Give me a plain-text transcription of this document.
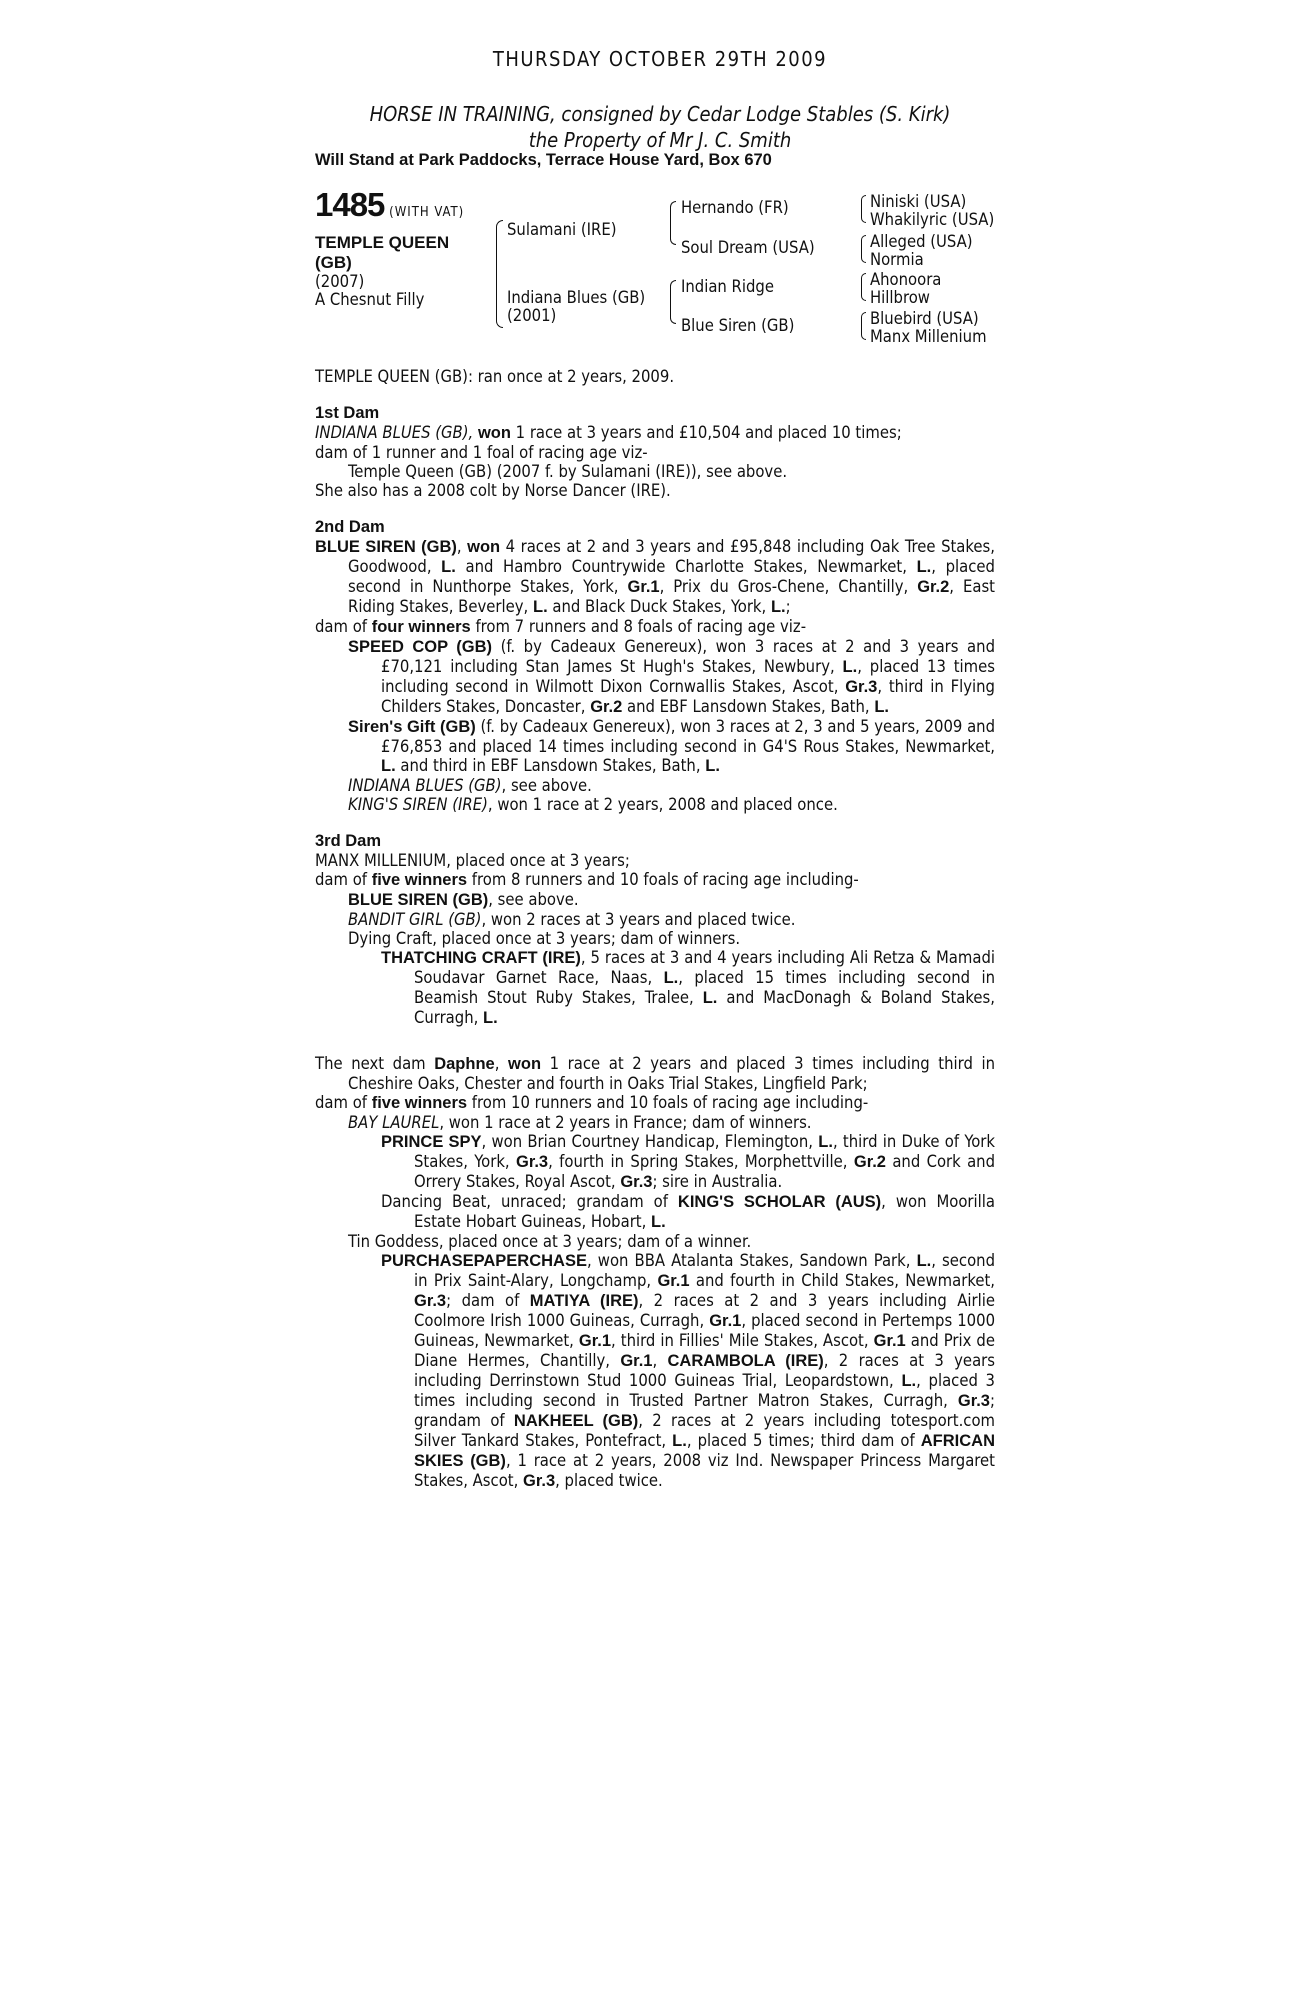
THURSDAY OCTOBER 29TH 2009
HORSE IN TRAINING, consigned by Cedar Lodge Stables (S. Kirk)
the Property of Mr J. C. Smith
Will Stand at Park Paddocks, Terrace House Yard, Box 670
1485 (WITH VAT)
TEMPLE QUEEN
(GB)
(2007)
A Chesnut Filly
Sulamani (IRE)
Indiana Blues (GB)
(2001)
Hernando (FR)
Soul Dream (USA)
Indian Ridge
Blue Siren (GB)
Niniski (USA)
Whakilyric (USA)
Alleged (USA)
Normia
Ahonoora
Hillbrow
Bluebird (USA)
Manx Millenium

TEMPLE QUEEN (GB): ran once at 2 years, 2009.

1st Dam

INDIANA BLUES (GB), won 1 race at 3 years and £10,504 and placed 10 times;

dam of 1 runner and 1 foal of racing age viz-

Temple Queen (GB) (2007 f. by Sulamani (IRE)), see above.

She also has a 2008 colt by Norse Dancer (IRE).

2nd Dam

BLUE SIREN (GB), won 4 races at 2 and 3 years and £95,848 including Oak Tree Stakes, Goodwood, L. and Hambro Countrywide Charlotte Stakes, Newmarket, L., placed second in Nunthorpe Stakes, York, Gr.1, Prix du Gros-Chene, Chantilly, Gr.2, East Riding Stakes, Beverley, L. and Black Duck Stakes, York, L.;

dam of four winners from 7 runners and 8 foals of racing age viz-

SPEED COP (GB) (f. by Cadeaux Genereux), won 3 races at 2 and 3 years and £70,121 including Stan James St Hugh's Stakes, Newbury, L., placed 13 times including second in Wilmott Dixon Cornwallis Stakes, Ascot, Gr.3, third in Flying Childers Stakes, Doncaster, Gr.2 and EBF Lansdown Stakes, Bath, L.

Siren's Gift (GB) (f. by Cadeaux Genereux), won 3 races at 2, 3 and 5 years, 2009 and £76,853 and placed 14 times including second in G4'S Rous Stakes, Newmarket, L. and third in EBF Lansdown Stakes, Bath, L.

INDIANA BLUES (GB), see above.

KING'S SIREN (IRE), won 1 race at 2 years, 2008 and placed once.

3rd Dam

MANX MILLENIUM, placed once at 3 years;

dam of five winners from 8 runners and 10 foals of racing age including-

BLUE SIREN (GB), see above.

BANDIT GIRL (GB), won 2 races at 3 years and placed twice.

Dying Craft, placed once at 3 years; dam of winners.

THATCHING CRAFT (IRE), 5 races at 3 and 4 years including Ali Retza & Mamadi Soudavar Garnet Race, Naas, L., placed 15 times including second in Beamish Stout Ruby Stakes, Tralee, L. and MacDonagh & Boland Stakes, Curragh, L.

The next dam Daphne, won 1 race at 2 years and placed 3 times including third in Cheshire Oaks, Chester and fourth in Oaks Trial Stakes, Lingfield Park;

dam of five winners from 10 runners and 10 foals of racing age including-

BAY LAUREL, won 1 race at 2 years in France; dam of winners.

PRINCE SPY, won Brian Courtney Handicap, Flemington, L., third in Duke of York Stakes, York, Gr.3, fourth in Spring Stakes, Morphettville, Gr.2 and Cork and Orrery Stakes, Royal Ascot, Gr.3; sire in Australia.

Dancing Beat, unraced; grandam of KING'S SCHOLAR (AUS), won Moorilla Estate Hobart Guineas, Hobart, L.

Tin Goddess, placed once at 3 years; dam of a winner.

PURCHASEPAPERCHASE, won BBA Atalanta Stakes, Sandown Park, L., second in Prix Saint-Alary, Longchamp, Gr.1 and fourth in Child Stakes, Newmarket, Gr.3; dam of MATIYA (IRE), 2 races at 2 and 3 years including Airlie Coolmore Irish 1000 Guineas, Curragh, Gr.1, placed second in Pertemps 1000 Guineas, Newmarket, Gr.1, third in Fillies' Mile Stakes, Ascot, Gr.1 and Prix de Diane Hermes, Chantilly, Gr.1, CARAMBOLA (IRE), 2 races at 3 years including Derrinstown Stud 1000 Guineas Trial, Leopardstown, L., placed 3 times including second in Trusted Partner Matron Stakes, Curragh, Gr.3; grandam of NAKHEEL (GB), 2 races at 2 years including totesport.com Silver Tankard Stakes, Pontefract, L., placed 5 times; third dam of AFRICAN SKIES (GB), 1 race at 2 years, 2008 viz Ind. Newspaper Princess Margaret Stakes, Ascot, Gr.3, placed twice.
